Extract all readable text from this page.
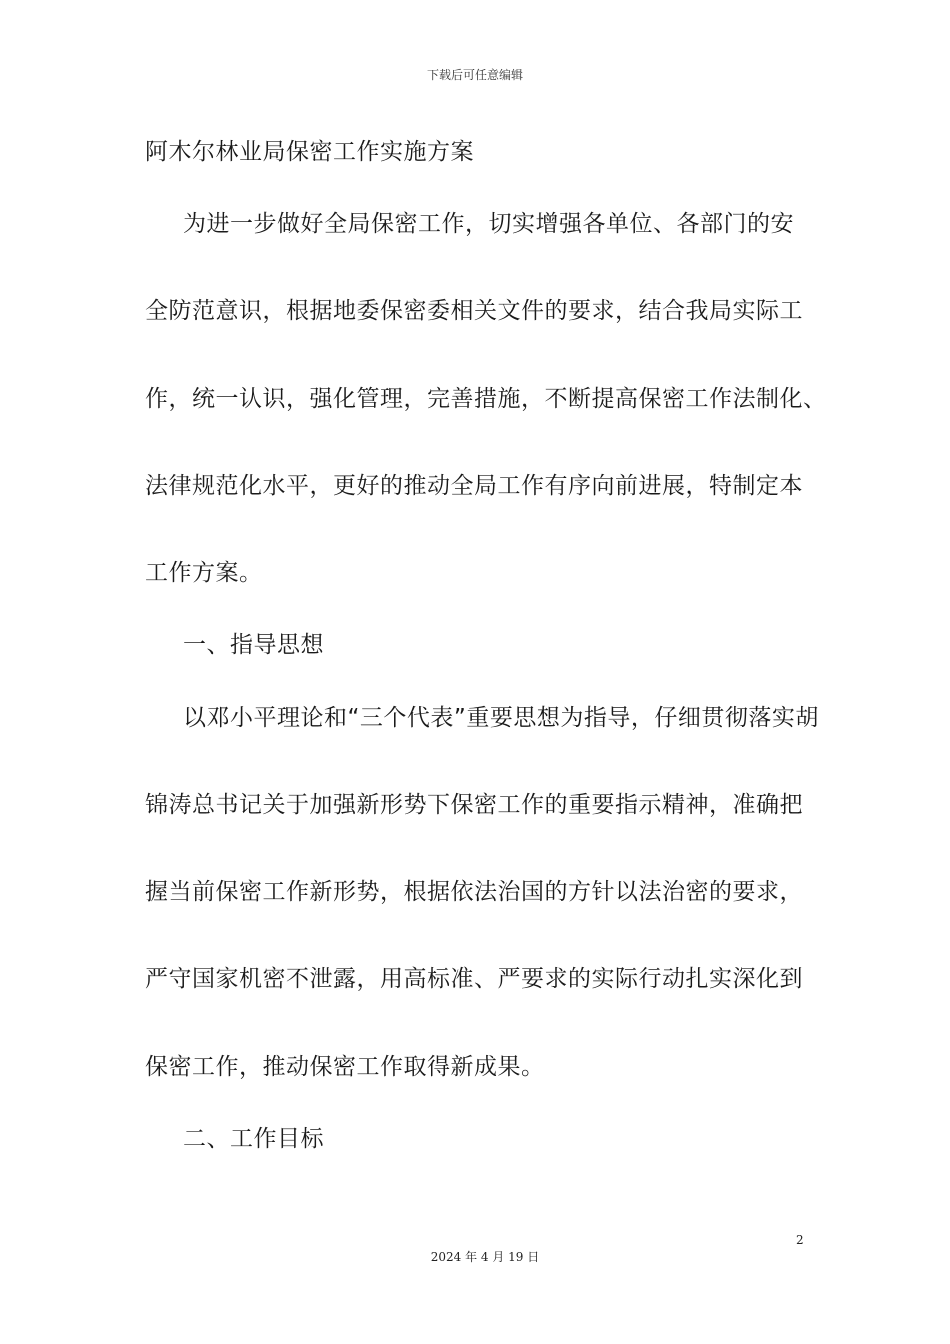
下载后可任意编辑
阿木尔林业局保密工作实施方案
为进一步做好全局保密工作，切实增强各单位、各部门的安
全防范意识，根据地委保密委相关文件的要求，结合我局实际工
作，统一认识，强化管理，完善措施，不断提高保密工作法制化、
法律规范化水平，更好的推动全局工作有序向前进展，特制定本
工作方案。
一、指导思想
以邓小平理论和“三个代表”重要思想为指导，仔细贯彻落实胡
锦涛总书记关于加强新形势下保密工作的重要指示精神，准确把
握当前保密工作新形势，根据依法治国的方针以法治密的要求，
严守国家机密不泄露，用高标准、严要求的实际行动扎实深化到
保密工作，推动保密工作取得新成果。
二、工作目标
2
2024 年 4 月 19 日
